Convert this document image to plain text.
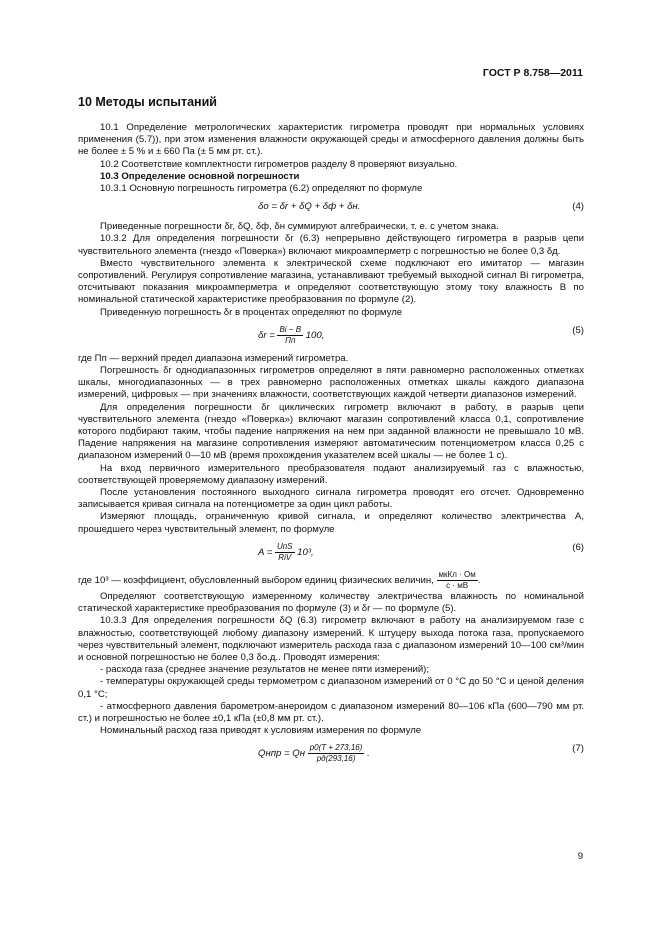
ГОСТ Р 8.758—2011
10 Методы испытаний

10.1 Определение метрологических характеристик гигрометра проводят при нормальных условиях применения (5.7)), при этом изменения влажности окружающей среды и атмосферного давления должны быть не более ± 5 % и ± 660 Па (± 5 мм рт. ст.).

10.2 Соответствие комплектности гигрометров разделу 8 проверяют визуально.

10.3 Определение основной погрешности

10.3.1 Основную погрешность гигрометра (6.2) определяют по формуле

δо = δr + δQ + δф + δн.	(4)

Приведенные погрешности δr, δQ, δф, δн суммируют алгебраически, т. е. с учетом знака.

10.3.2 Для определения погрешности δr (6.3) непрерывно действующего гигрометра в разрыв цепи чувствительного элемента (гнездо «Поверка») включают микроамперметр с погрешностью не более 0,3 δд.

Вместо чувствительного элемента к электрической схеме подключают его имитатор — магазин сопротивлений. Регулируя сопротивление магазина, устанавливают требуемый выходной сигнал Bi гигрометра, отсчитывают показания микроамперметра и определяют соответствующую этому току влажность B по номинальной статической характеристике преобразования по формуле (2).

Приведенную погрешность δr в процентах определяют по формуле

$\delta r = \frac{Bi - B}{Пп} 100$,	(5)

где Пп — верхний предел диапазона измерений гигрометра.

Погрешность δr однодиапазонных гигрометров определяют в пяти равномерно расположенных отметках шкалы, многодиапазонных — в трех равномерно расположенных отметках шкалы каждого диапазона измерений, цифровых — при значениях влажности, соответствующих каждой четверти диапазонов измерений.

Для определения погрешности δr циклических гигрометр включают в работу, в разрыв цепи чувствительного элемента (гнездо «Поверка») включают магазин сопротивлений класса 0,1, сопротивление которого подбирают таким, чтобы падение напряжения на нем при заданной влажности не превышало 10 мВ. Падение напряжения на магазине сопротивления измеряют автоматическим потенциометром класса 0,25 с диапазоном измерений 0—10 мВ (время прохождения указателем всей шкалы — не более 1 с).

На вход первичного измерительного преобразователя подают анализируемый газ с влажностью, соответствующей проверяемому диапазону измерений.

После установления постоянного выходного сигнала гигрометра проводят его отсчет. Одновременно записывается кривая сигнала на потенциометре за один цикл работы.

Измеряют площадь, ограниченную кривой сигнала, и определяют количество электричества A, прошедшего через чувствительный элемент, по формуле

$A = \frac{\text{UпS}}{\text{RiV}} 10^3$,	(6)

где 10³ — коэффициент, обусловленный выбором единиц физических величин, $\frac{\text{мкКл · Ом}}{с \cdot мВ}$ .

Определяют соответствующую измеренному количеству электричества влажность по номинальной статической характеристике преобразования по формуле (3) и δr — по формуле (5).

10.3.3 Для определения погрешности δQ (6.3) гигрометр включают в работу на анализируемом газе с влажностью, соответствующей любому диапазону измерений. К штуцеру выхода потока газа, пропускаемого через чувствительный элемент, подключают измеритель расхода газа с диапазоном измерений 10—100 см³/мин и основной погрешностью не более 0,3 δо.д.. Проводят измерения:

- расхода газа (среднее значение результатов не менее пяти измерений);

- температуры окружающей среды термометром с диапазоном измерений от 0 °С до 50 °С и ценой деления 0,1 °С;

- атмосферного давления барометром-анероидом с диапазоном измерений 80—106 кПа (600—790 мм рт. ст.) и погрешностью не более ±0,1 кПа (±0,8 мм рт. ст.).

Номинальный расход газа приводят к условиям измерения по формуле

Qнпр = Qн $\frac{p0(T + 273,16)}{pд(293,16)}$ .	(7)
9
